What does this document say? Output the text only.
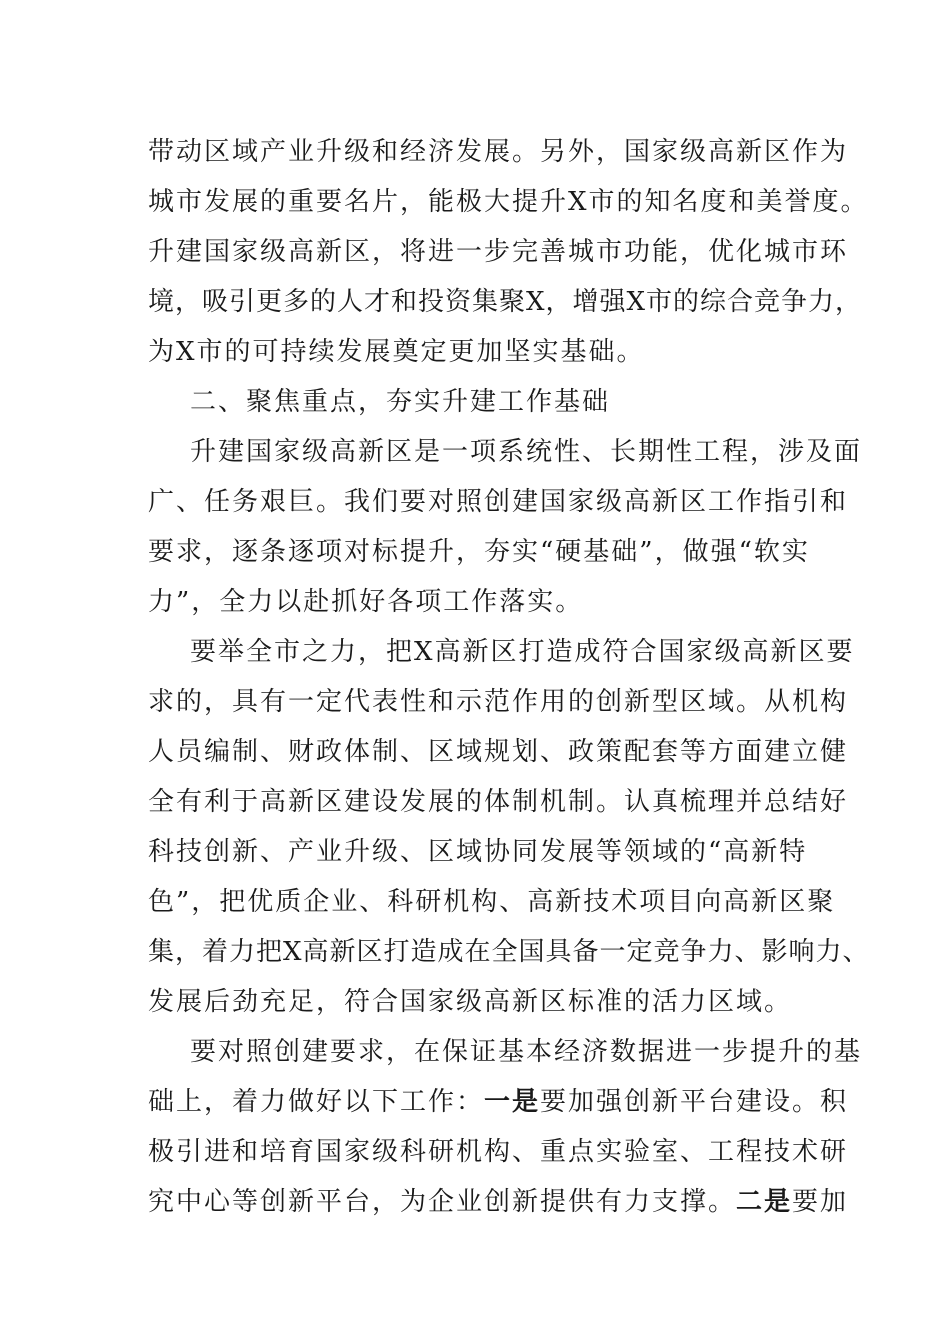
带动区域产业升级和经济发展。另外，国家级高新区作为
城市发展的重要名片，能极大提升X市的知名度和美誉度。
升建国家级高新区，将进一步完善城市功能，优化城市环
境，吸引更多的人才和投资集聚X，增强X市的综合竞争力，
为X市的可持续发展奠定更加坚实基础。
二、聚焦重点，夯实升建工作基础
升建国家级高新区是一项系统性、长期性工程，涉及面
广、任务艰巨。我们要对照创建国家级高新区工作指引和
要求，逐条逐项对标提升，夯实“硬基础”，做强“软实
力”，全力以赴抓好各项工作落实。
要举全市之力，把X高新区打造成符合国家级高新区要
求的，具有一定代表性和示范作用的创新型区域。从机构
人员编制、财政体制、区域规划、政策配套等方面建立健
全有利于高新区建设发展的体制机制。认真梳理并总结好
科技创新、产业升级、区域协同发展等领域的“高新特
色”，把优质企业、科研机构、高新技术项目向高新区聚
集，着力把X高新区打造成在全国具备一定竞争力、影响力、
发展后劲充足，符合国家级高新区标准的活力区域。
要对照创建要求，在保证基本经济数据进一步提升的基
础上，着力做好以下工作：一是要加强创新平台建设。积
极引进和培育国家级科研机构、重点实验室、工程技术研
究中心等创新平台，为企业创新提供有力支撑。二是要加
